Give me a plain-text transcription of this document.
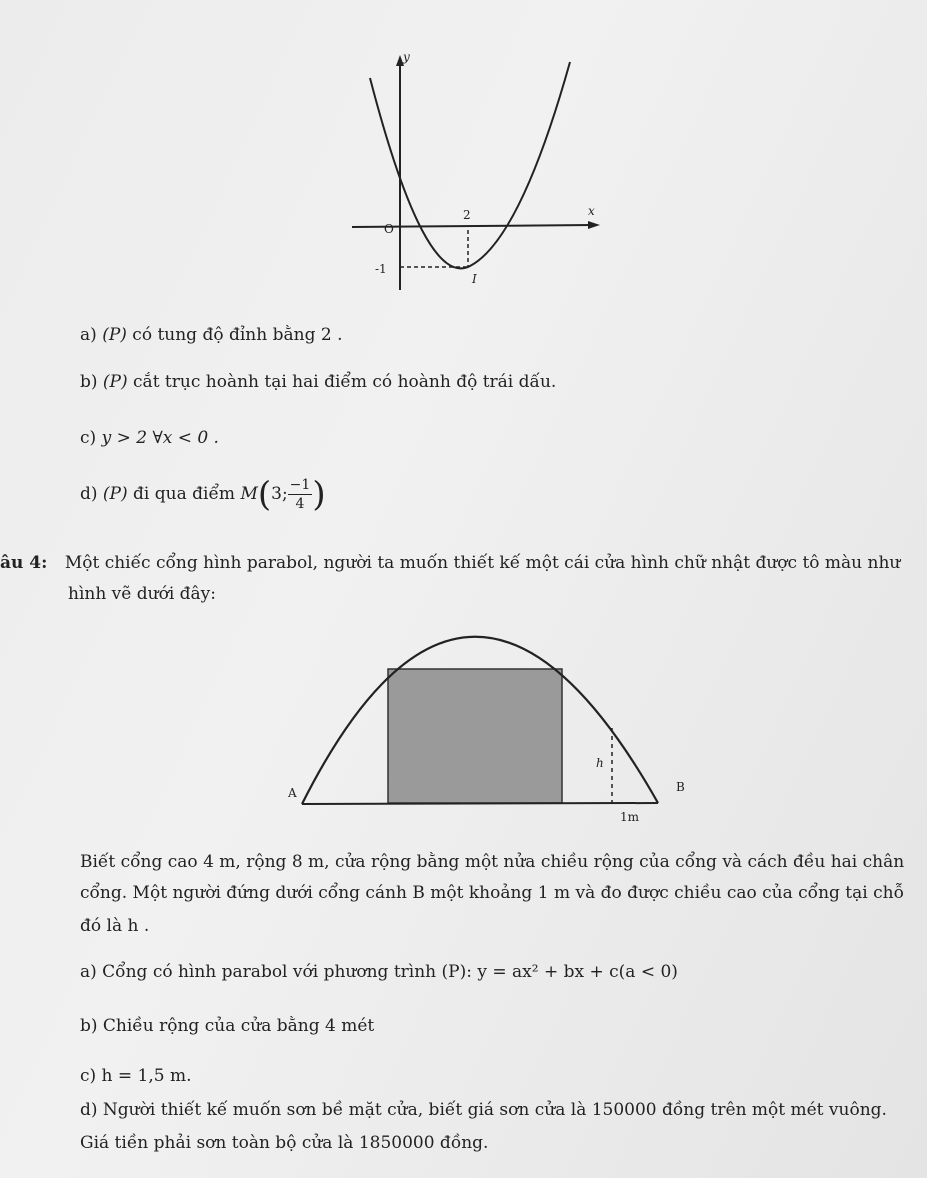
y
x
O
2
-1
I
a) (P) có tung độ đỉnh bằng 2 .
b) (P) cắt trục hoành tại hai điểm có hoành độ trái dấu.
c) y > 2 ∀x < 0 .
d) (P) đi qua điểm M(3; $\frac{-1}{4}$ )
âu 4: Một chiếc cổng hình parabol, người ta muốn thiết kế một cái cửa hình chữ nhật được tô màu như
hình vẽ dưới đây:
A	B
h
1m
Biết cổng cao 4 m, rộng 8 m, cửa rộng bằng một nửa chiều rộng của cổng và cách đều hai chân
cổng. Một người đứng dưới cổng cánh B một khoảng 1 m và đo được chiều cao của cổng tại chỗ
đó là h .
a) Cổng có hình parabol với phương trình (P): y = ax² + bx + c(a < 0)
b) Chiều rộng của cửa bằng 4 mét
c) h = 1,5 m.
d) Người thiết kế muốn sơn bề mặt cửa, biết giá sơn cửa là 150000 đồng trên một mét vuông.
Giá tiền phải sơn toàn bộ cửa là 1850000 đồng.
